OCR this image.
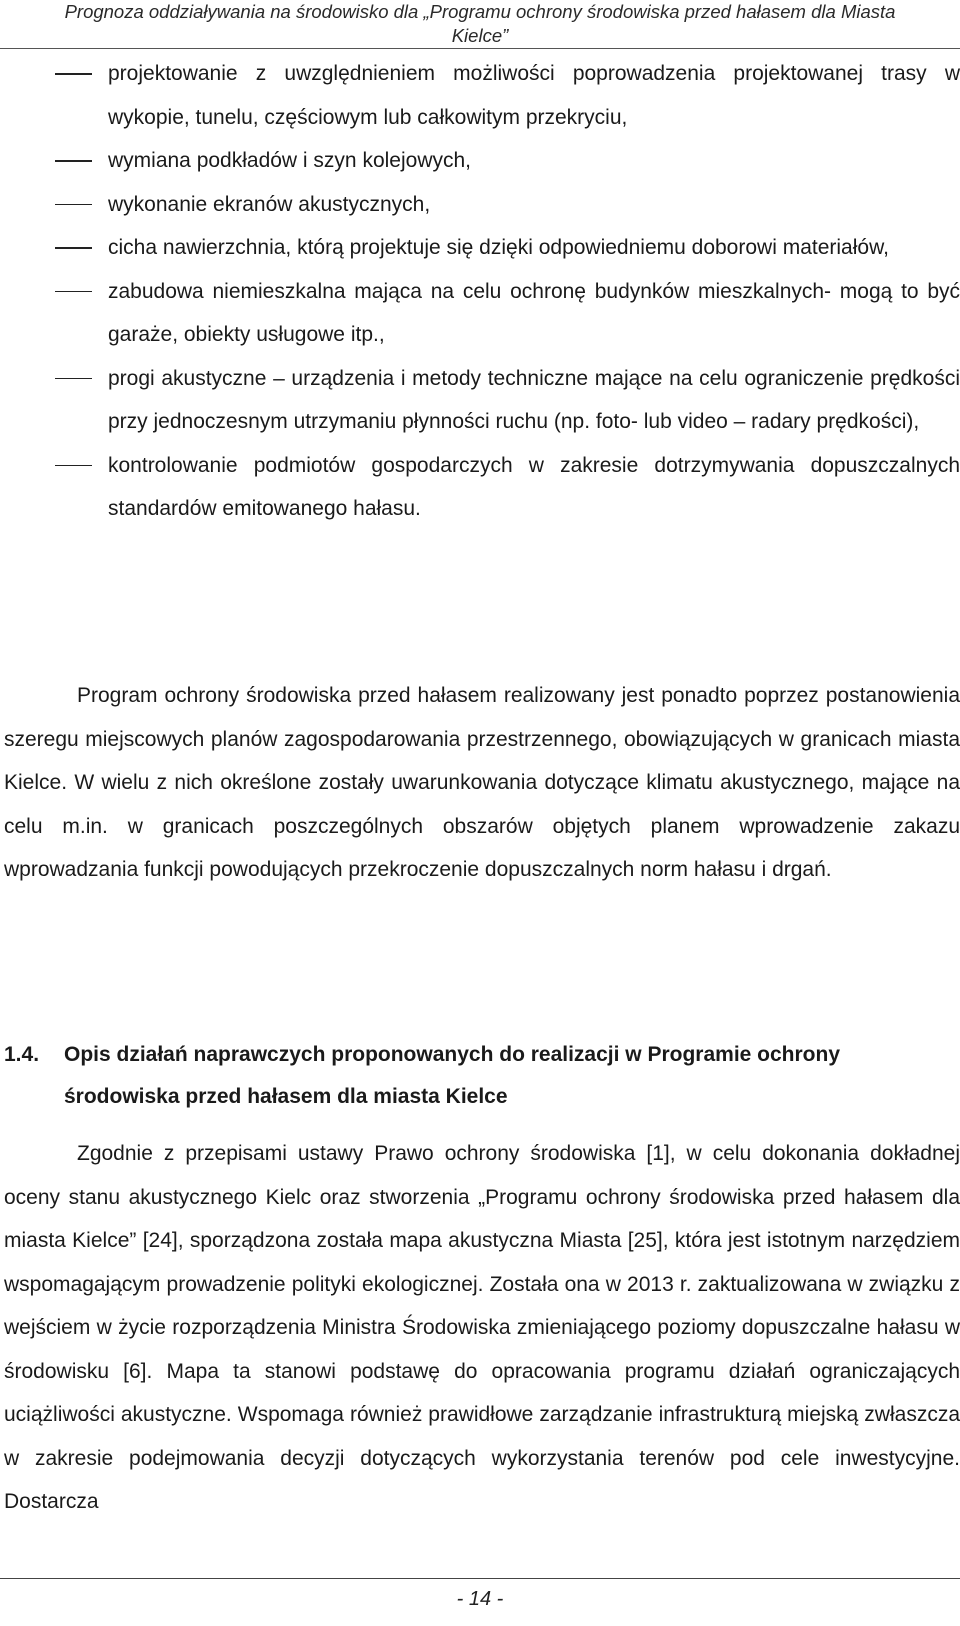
Prognoza oddziaływania na środowisko dla „Programu ochrony środowiska przed hałasem dla Miasta
Kielce”
projektowanie z uwzględnieniem możliwości poprowadzenia projektowanej trasy w wykopie, tunelu, częściowym lub całkowitym przekryciu,
wymiana podkładów i szyn kolejowych,
wykonanie ekranów akustycznych,
cicha nawierzchnia, którą projektuje się dzięki odpowiedniemu doborowi materiałów,
zabudowa niemieszkalna mająca na celu ochronę budynków mieszkalnych- mogą to być garaże, obiekty usługowe itp.,
progi akustyczne – urządzenia i metody techniczne mające na celu ograniczenie prędkości przy jednoczesnym utrzymaniu płynności ruchu (np. foto- lub video – radary prędkości),
kontrolowanie podmiotów gospodarczych w zakresie dotrzymywania dopuszczalnych standardów emitowanego hałasu.
Program ochrony środowiska przed hałasem realizowany jest ponadto poprzez postanowienia szeregu miejscowych planów zagospodarowania przestrzennego, obowiązujących w granicach miasta Kielce. W wielu z nich określone zostały uwarunkowania dotyczące klimatu akustycznego, mające na celu m.in. w granicach poszczególnych obszarów objętych planem wprowadzenie zakazu wprowadzania funkcji powodujących przekroczenie dopuszczalnych norm hałasu i drgań.
1.4.	Opis działań naprawczych proponowanych do realizacji w Programie ochrony środowiska przed hałasem dla miasta Kielce
Zgodnie z przepisami ustawy Prawo ochrony środowiska [1], w celu dokonania dokładnej oceny stanu akustycznego Kielc oraz stworzenia „Programu ochrony środowiska przed hałasem dla miasta Kielce” [24], sporządzona została mapa akustyczna Miasta [25], która jest istotnym narzędziem wspomagającym prowadzenie polityki ekologicznej. Została ona w 2013 r. zaktualizowana w związku z wejściem w życie rozporządzenia Ministra Środowiska zmieniającego poziomy dopuszczalne hałasu w środowisku [6]. Mapa ta stanowi podstawę do opracowania programu działań ograniczających uciążliwości akustyczne. Wspomaga również prawidłowe zarządzanie infrastrukturą miejską zwłaszcza w zakresie podejmowania decyzji dotyczących wykorzystania terenów pod cele inwestycyjne. Dostarcza
- 14 -
